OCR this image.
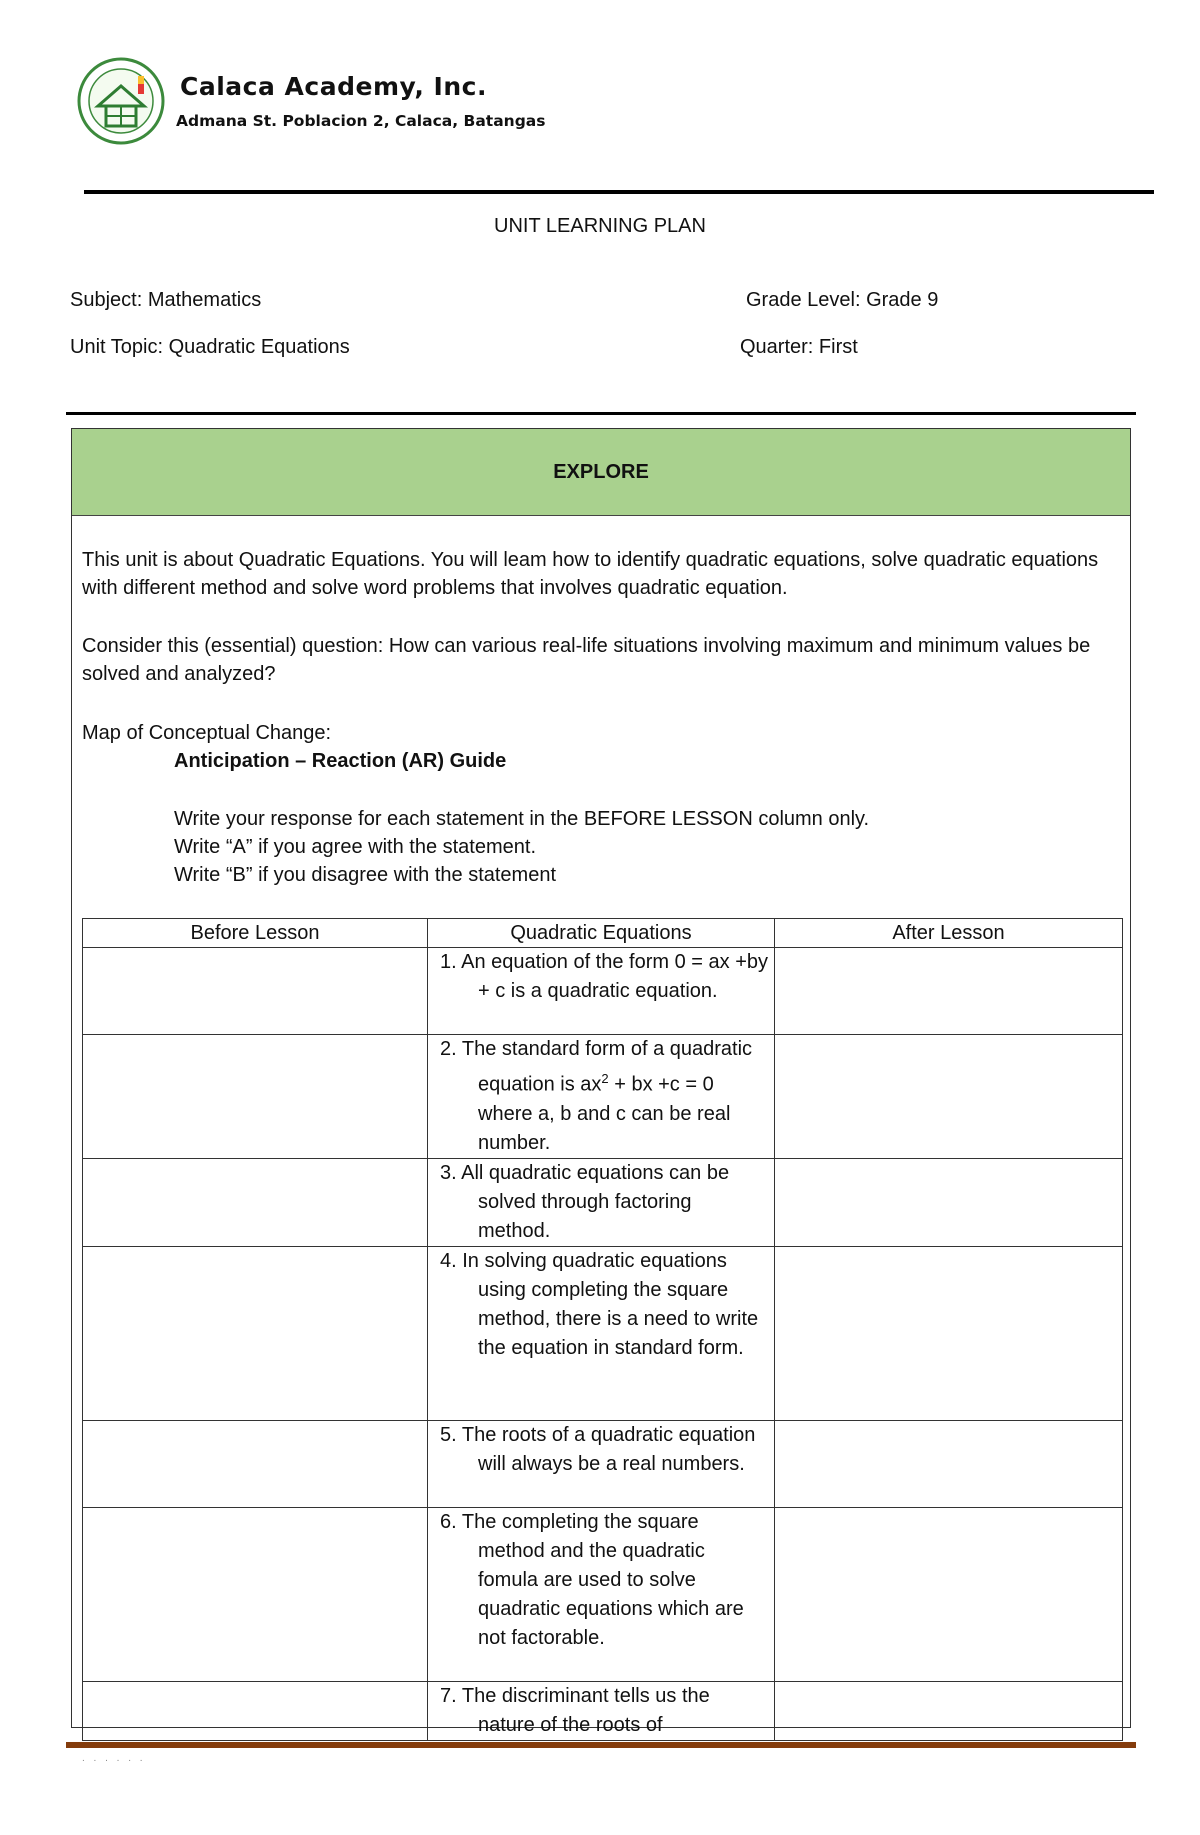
Calaca Academy, Inc.
Admana St. Poblacion 2, Calaca, Batangas
UNIT LEARNING PLAN
Subject: Mathematics	Grade Level: Grade 9
Unit Topic: Quadratic Equations	Quarter: First
EXPLORE
This unit is about Quadratic Equations. You will leam how to identify quadratic equations, solve quadratic equations with different method and solve word problems that involves quadratic equation.
Consider this (essential) question: How can various real-life situations involving maximum and minimum values be solved and analyzed?
Map of Conceptual Change:
Anticipation – Reaction (AR) Guide
Write your response for each statement in the BEFORE LESSON column only.
Write “A” if you agree with the statement.
Write “B” if you disagree with the statement
Before Lesson	Quadratic Equations	After Lesson

	1. An equation of the form 0 = ax +by + c is a quadratic equation.	

	2. The standard form of a quadratic equation is $ax^2$ + bx +c = 0 where a, b and c can be real number.	

	3. All quadratic equations can be solved through factoring method.	

	4. In solving quadratic equations using completing the square method, there is a need to write the equation in standard form.	

	5. The roots of a quadratic equation will always be a real numbers.	

	6. The completing the square method and the quadratic fomula are used to solve quadratic equations which are not factorable.	

	7. The discriminant tells us the nature of the roots of	

. . . . . .
